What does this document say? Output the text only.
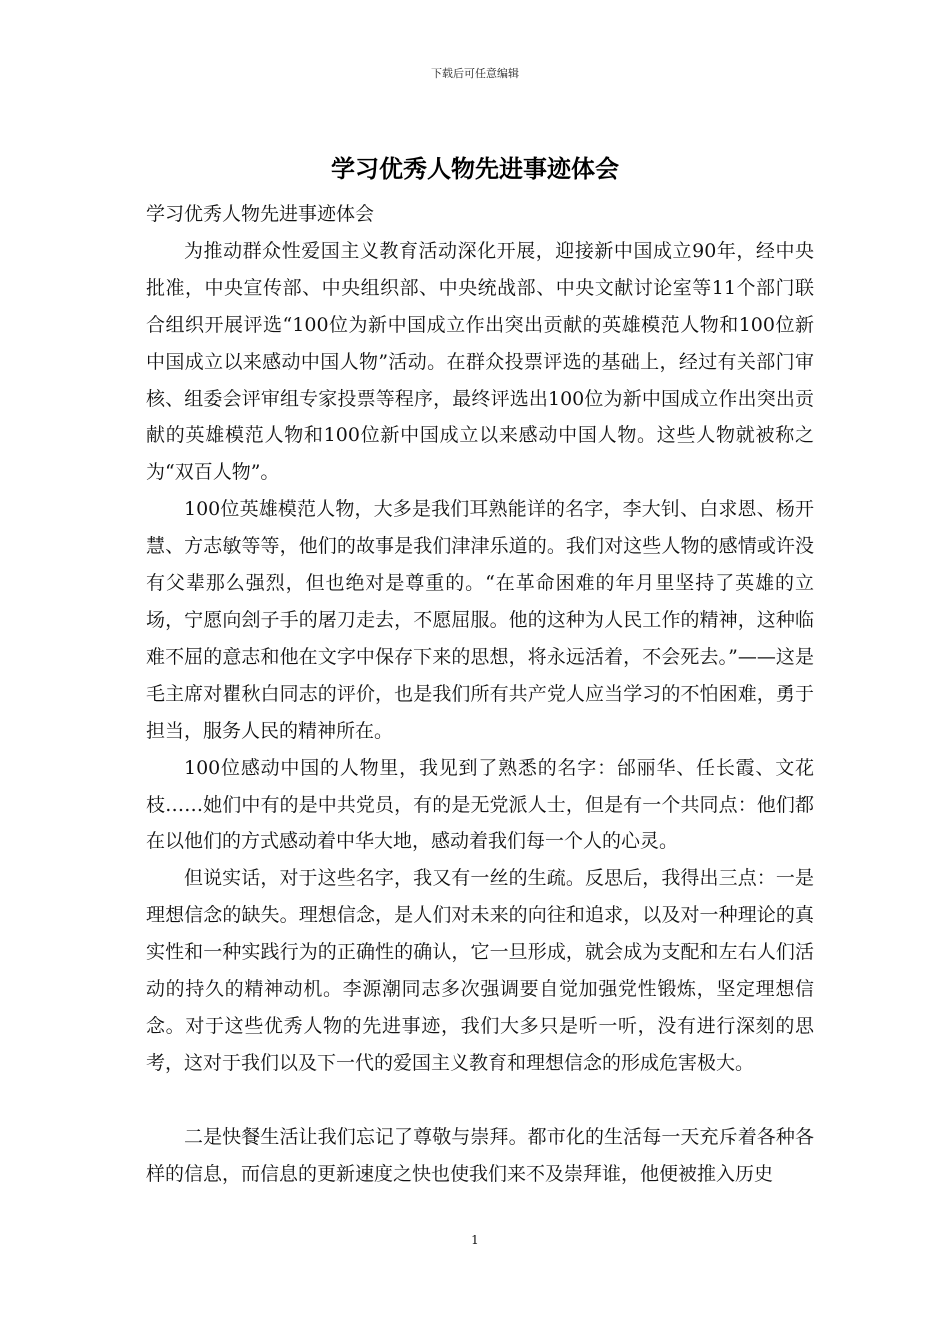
下载后可任意编辑
学习优秀人物先进事迹体会

学习优秀人物先进事迹体会

为推动群众性爱国主义教育活动深化开展，迎接新中国成立90年，经中央批准，中央宣传部、中央组织部、中央统战部、中央文献讨论室等11个部门联合组织开展评选“100位为新中国成立作出突出贡献的英雄模范人物和100位新中国成立以来感动中国人物”活动。在群众投票评选的基础上，经过有关部门审核、组委会评审组专家投票等程序，最终评选出100位为新中国成立作出突出贡献的英雄模范人物和100位新中国成立以来感动中国人物。这些人物就被称之为“双百人物”。

100位英雄模范人物，大多是我们耳熟能详的名字，李大钊、白求恩、杨开慧、方志敏等等，他们的故事是我们津津乐道的。我们对这些人物的感情或许没有父辈那么强烈，但也绝对是尊重的。“在革命困难的年月里坚持了英雄的立场，宁愿向刽子手的屠刀走去，不愿屈服。他的这种为人民工作的精神，这种临难不屈的意志和他在文字中保存下来的思想，将永远活着，不会死去。”——这是毛主席对瞿秋白同志的评价，也是我们所有共产党人应当学习的不怕困难，勇于担当，服务人民的精神所在。

100位感动中国的人物里，我见到了熟悉的名字：邰丽华、任长霞、文花枝……她们中有的是中共党员，有的是无党派人士，但是有一个共同点：他们都在以他们的方式感动着中华大地，感动着我们每一个人的心灵。

但说实话，对于这些名字，我又有一丝的生疏。反思后，我得出三点：一是理想信念的缺失。理想信念，是人们对未来的向往和追求，以及对一种理论的真实性和一种实践行为的正确性的确认，它一旦形成，就会成为支配和左右人们活动的持久的精神动机。李源潮同志多次强调要自觉加强党性锻炼，坚定理想信念。对于这些优秀人物的先进事迹，我们大多只是听一听，没有进行深刻的思考，这对于我们以及下一代的爱国主义教育和理想信念的形成危害极大。

二是快餐生活让我们忘记了尊敬与崇拜。都市化的生活每一天充斥着各种各样的信息，而信息的更新速度之快也使我们来不及崇拜谁，他便被推入历史

1
